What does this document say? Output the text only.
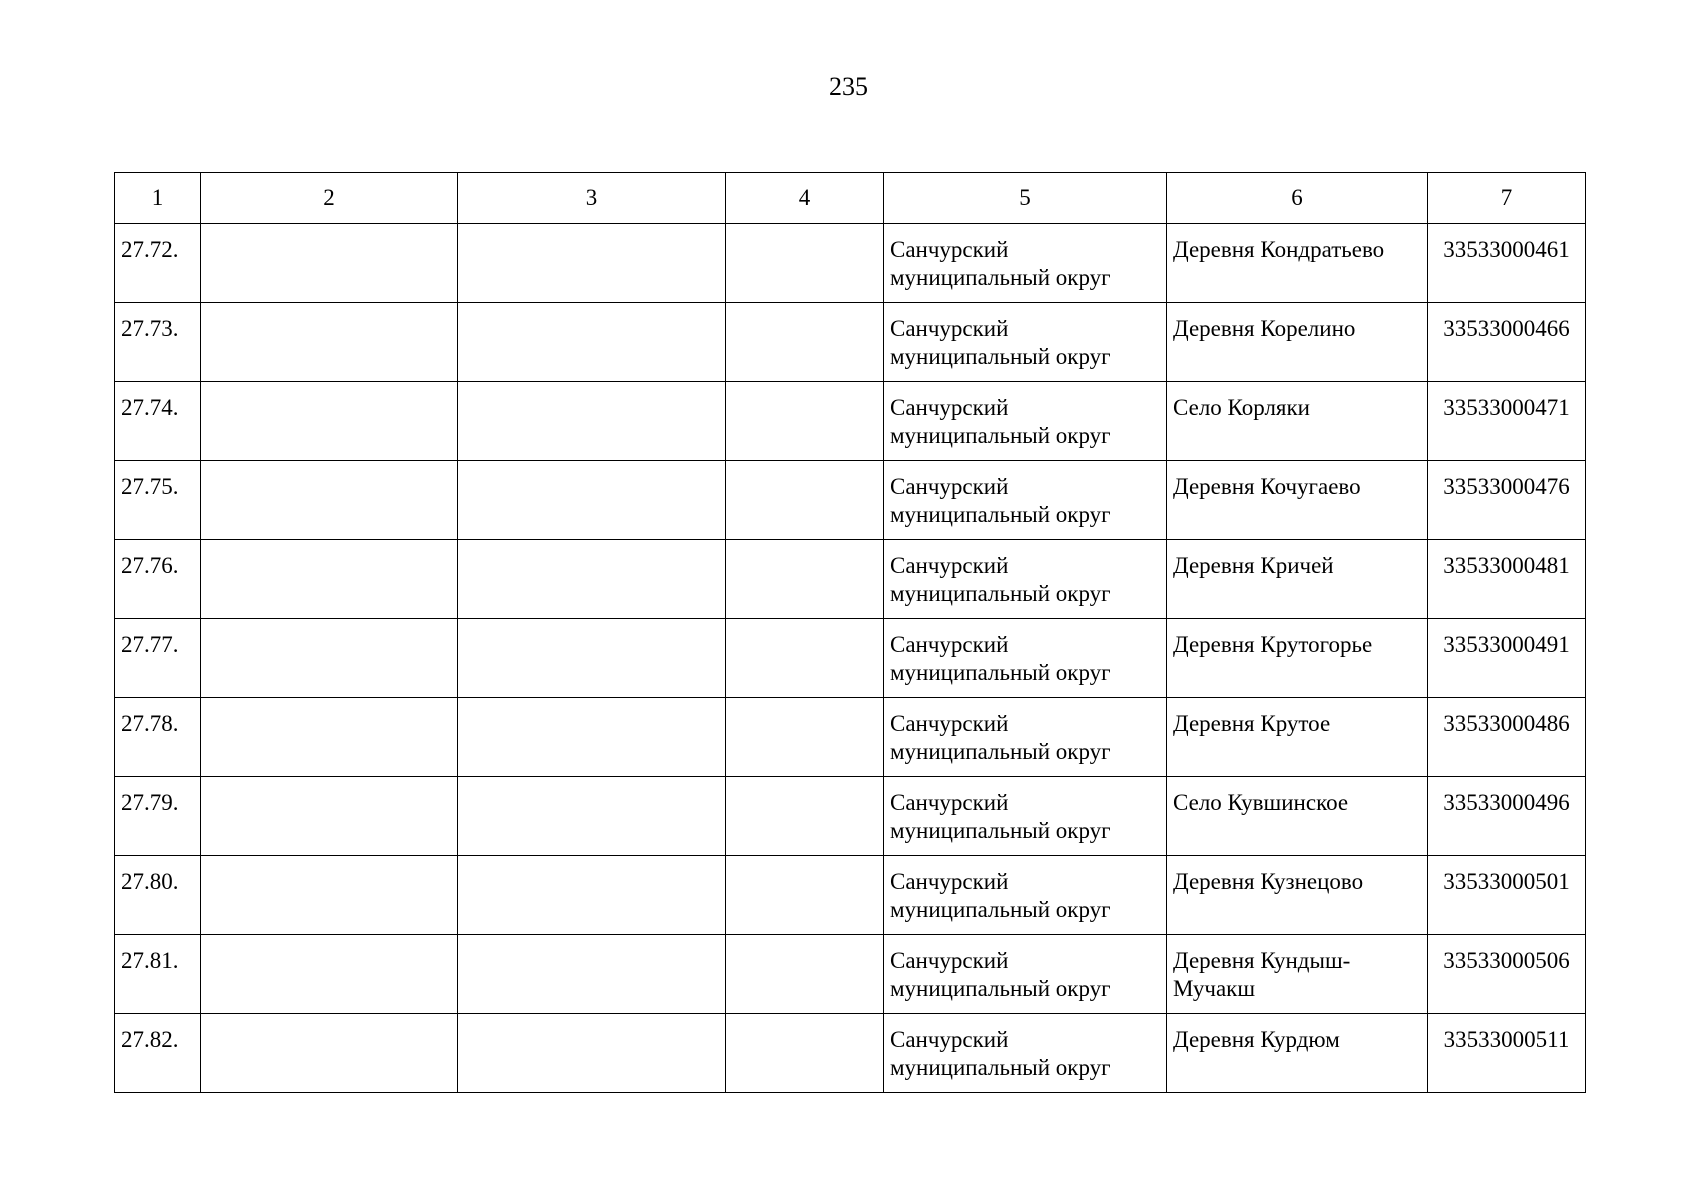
235
1	2	3	4	5	6	7
27.72.				Санчурский муниципальный округ	Деревня Кондратьево	33533000461
27.73.				Санчурский муниципальный округ	Деревня Корелино	33533000466
27.74.				Санчурский муниципальный округ	Село Корляки	33533000471
27.75.				Санчурский муниципальный округ	Деревня Кочугаево	33533000476
27.76.				Санчурский муниципальный округ	Деревня Кричей	33533000481
27.77.				Санчурский муниципальный округ	Деревня Крутогорье	33533000491
27.78.				Санчурский муниципальный округ	Деревня Крутое	33533000486
27.79.				Санчурский муниципальный округ	Село Кувшинское	33533000496
27.80.				Санчурский муниципальный округ	Деревня Кузнецово	33533000501
27.81.				Санчурский муниципальный округ	Деревня Кундыш-Мучакш	33533000506
27.82.				Санчурский муниципальный округ	Деревня Курдюм	33533000511
